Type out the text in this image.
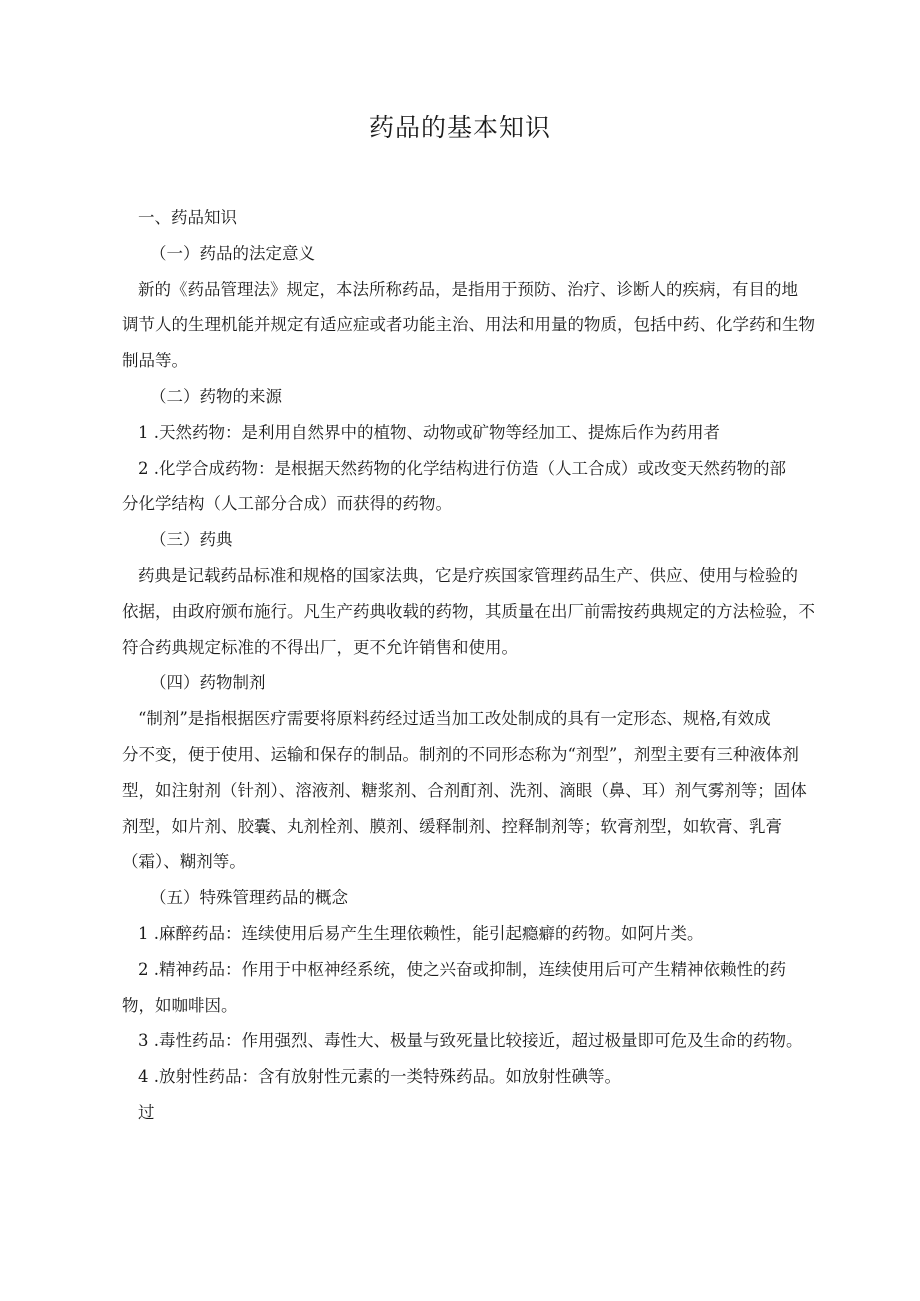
药品的基本知识
一、药品知识
（一）药品的法定意义
新的《药品管理法》规定，本法所称药品，是指用于预防、治疗、诊断人的疾病，有目的地
调节人的生理机能并规定有适应症或者功能主治、用法和用量的物质，包括中药、化学药和生物
制品等。
（二）药物的来源
1 .天然药物：是利用自然界中的植物、动物或矿物等经加工、提炼后作为药用者
2 .化学合成药物：是根据天然药物的化学结构进行仿造（人工合成）或改变天然药物的部
分化学结构（人工部分合成）而获得的药物。
（三）药典
药典是记载药品标准和规格的国家法典，它是疗疾国家管理药品生产、供应、使用与检验的
依据，由政府颁布施行。凡生产药典收载的药物，其质量在出厂前需按药典规定的方法检验，不
符合药典规定标准的不得出厂，更不允许销售和使用。
（四）药物制剂
“制剂”是指根据医疗需要将原料药经过适当加工改处制成的具有一定形态、规格,有效成
分不变，便于使用、运输和保存的制品。制剂的不同形态称为“剂型”，剂型主要有三种液体剂
型，如注射剂（针剂）、溶液剂、糖浆剂、合剂酊剂、洗剂、滴眼（鼻、耳）剂气雾剂等；固体
剂型，如片剂、胶囊、丸剂栓剂、膜剂、缓释制剂、控释制剂等；软膏剂型，如软膏、乳膏
（霜）、糊剂等。
（五）特殊管理药品的概念
1 .麻醉药品：连续使用后易产生生理依赖性，能引起瘾癖的药物。如阿片类。
2 .精神药品：作用于中枢神经系统，使之兴奋或抑制，连续使用后可产生精神依赖性的药
物，如咖啡因。
3 .毒性药品：作用强烈、毒性大、极量与致死量比较接近，超过极量即可危及生命的药物。
4 .放射性药品：含有放射性元素的一类特殊药品。如放射性碘等。
过
